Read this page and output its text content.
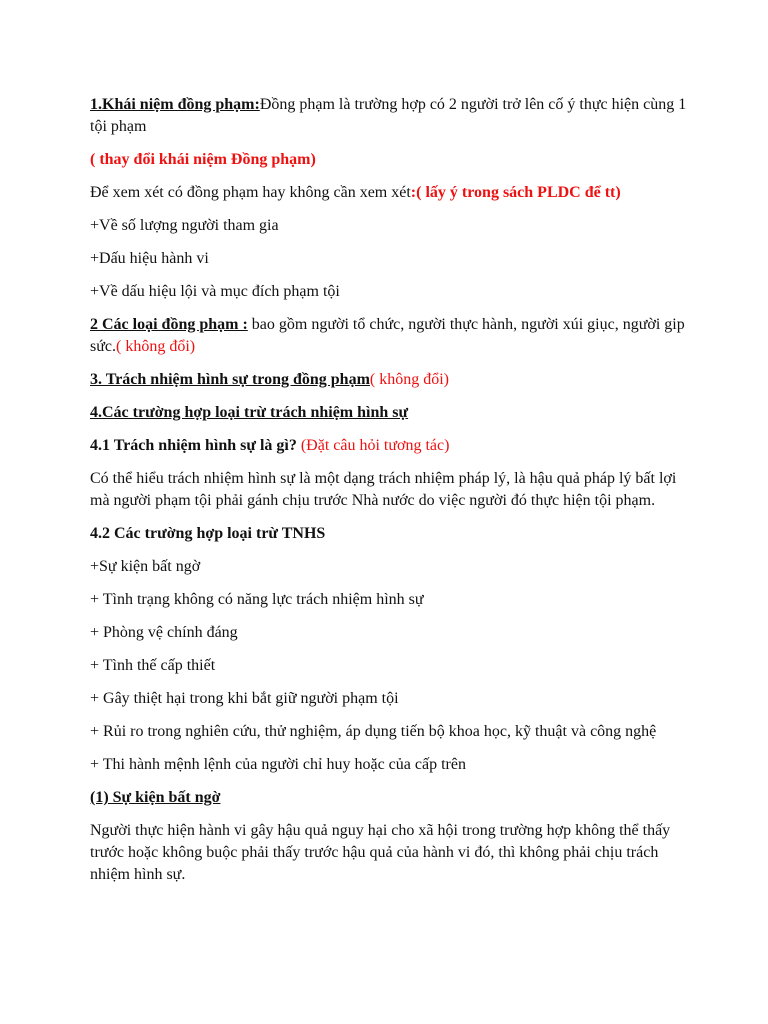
1.Khái niệm đồng phạm:Đồng phạm là trường hợp có 2 người trở lên cố ý thực hiện cùng 1 tội phạm

( thay đổi khái niệm Đồng phạm)

Để xem xét có đồng phạm hay không cần xem xét:( lấy ý trong sách PLDC để tt)

+Về số lượng người tham gia

+Dấu hiệu hành vi

+Về dấu hiệu lội và mục đích phạm tội

2 Các loại đồng phạm : bao gồm người tổ chức, người thực hành, người xúi giục, người gip sức.( không đổi)

3. Trách nhiệm hình sự trong đồng phạm( không đổi)

4.Các trường hợp loại trừ trách nhiệm hình sự

4.1 Trách nhiệm hình sự là gì? (Đặt câu hỏi tương tác)

Có thể hiểu trách nhiệm hình sự là một dạng trách nhiệm pháp lý, là hậu quả pháp lý bất lợi mà người phạm tội phải gánh chịu trước Nhà nước do việc người đó thực hiện tội phạm.

4.2 Các trường hợp loại trừ TNHS

+Sự kiện bất ngờ

+ Tình trạng không có năng lực trách nhiệm hình sự

+ Phòng vệ chính đáng

+ Tình thế cấp thiết

+ Gây thiệt hại trong khi bắt giữ người phạm tội

+ Rủi ro trong nghiên cứu, thử nghiệm, áp dụng tiến bộ khoa học, kỹ thuật và công nghệ

+ Thi hành mệnh lệnh của người chỉ huy hoặc của cấp trên

(1) Sự kiện bất ngờ

Người thực hiện hành vi gây hậu quả nguy hại cho xã hội trong trường hợp không thể thấy trước hoặc không buộc phải thấy trước hậu quả của hành vi đó, thì không phải chịu trách nhiệm hình sự.
